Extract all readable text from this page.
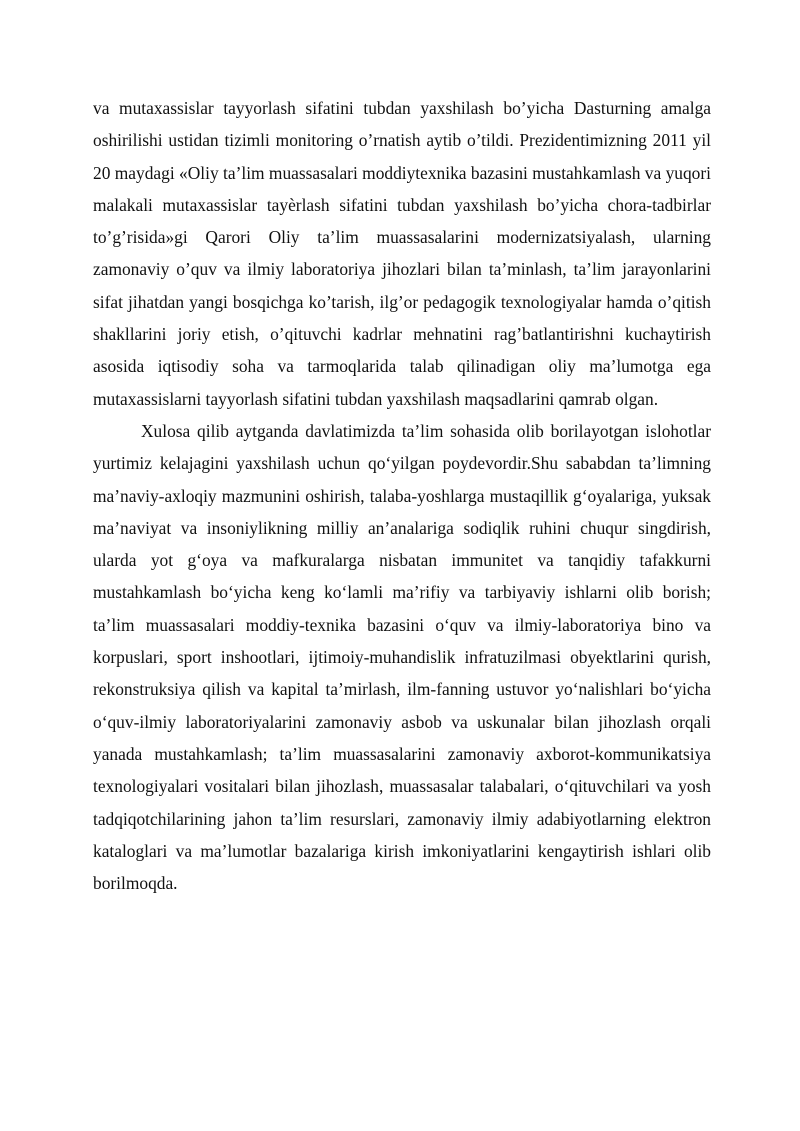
va mutaxassislar tayyorlash sifatini tubdan yaxshilash bo’yicha Dasturning amalga oshirilishi ustidan tizimli monitoring o’rnatish aytib o’tildi. Prezidentimizning 2011 yil 20 maydagi «Oliy ta’lim muassasalari moddiytexnika bazasini mustahkamlash va yuqori malakali mutaxassislar tayèrlash sifatini tubdan yaxshilash bo’yicha chora-tadbirlar to’g’risida»gi Qarori Oliy ta’lim muassasalarini modernizatsiyalash, ularning zamonaviy o’quv va ilmiy laboratoriya jihozlari bilan ta’minlash, ta’lim jarayonlarini sifat jihatdan yangi bosqichga ko’tarish, ilg’or pedagogik texnologiyalar hamda o’qitish shakllarini joriy etish, o’qituvchi kadrlar mehnatini rag’batlantirishni kuchaytirish asosida iqtisodiy soha va tarmoqlarida talab qilinadigan oliy ma’lumotga ega mutaxassislarni tayyorlash sifatini tubdan yaxshilash maqsadlarini qamrab olgan.

Xulosa qilib aytganda davlatimizda ta’lim sohasida olib borilayotgan islohotlar yurtimiz kelajagini yaxshilash uchun qo‘yilgan poydevordir.Shu sababdan ta’limning ma’naviy-axloqiy mazmunini oshirish, talaba-yoshlarga mustaqillik g‘oyalariga, yuksak ma’naviyat va insoniylikning milliy an’analariga sodiqlik ruhini chuqur singdirish, ularda yot g‘oya va mafkuralarga nisbatan immunitet va tanqidiy tafakkurni mustahkamlash bo‘yicha keng ko‘lamli ma’rifiy va tarbiyaviy ishlarni olib borish; ta’lim muassasalari moddiy-texnika bazasini o‘quv va ilmiy-laboratoriya bino va korpuslari, sport inshootlari, ijtimoiy-muhandislik infratuzilmasi obyektlarini qurish, rekonstruksiya qilish va kapital ta’mirlash, ilm-fanning ustuvor yo‘nalishlari bo‘yicha o‘quv-ilmiy laboratoriyalarini zamonaviy asbob va uskunalar bilan jihozlash orqali yanada mustahkamlash; ta’lim muassasalarini zamonaviy axborot-kommunikatsiya texnologiyalari vositalari bilan jihozlash, muassasalar talabalari, o‘qituvchilari va yosh tadqiqotchilarining jahon ta’lim resurslari, zamonaviy ilmiy adabiyotlarning elektron kataloglari va ma’lumotlar bazalariga kirish imkoniyatlarini kengaytirish ishlari olib borilmoqda.
